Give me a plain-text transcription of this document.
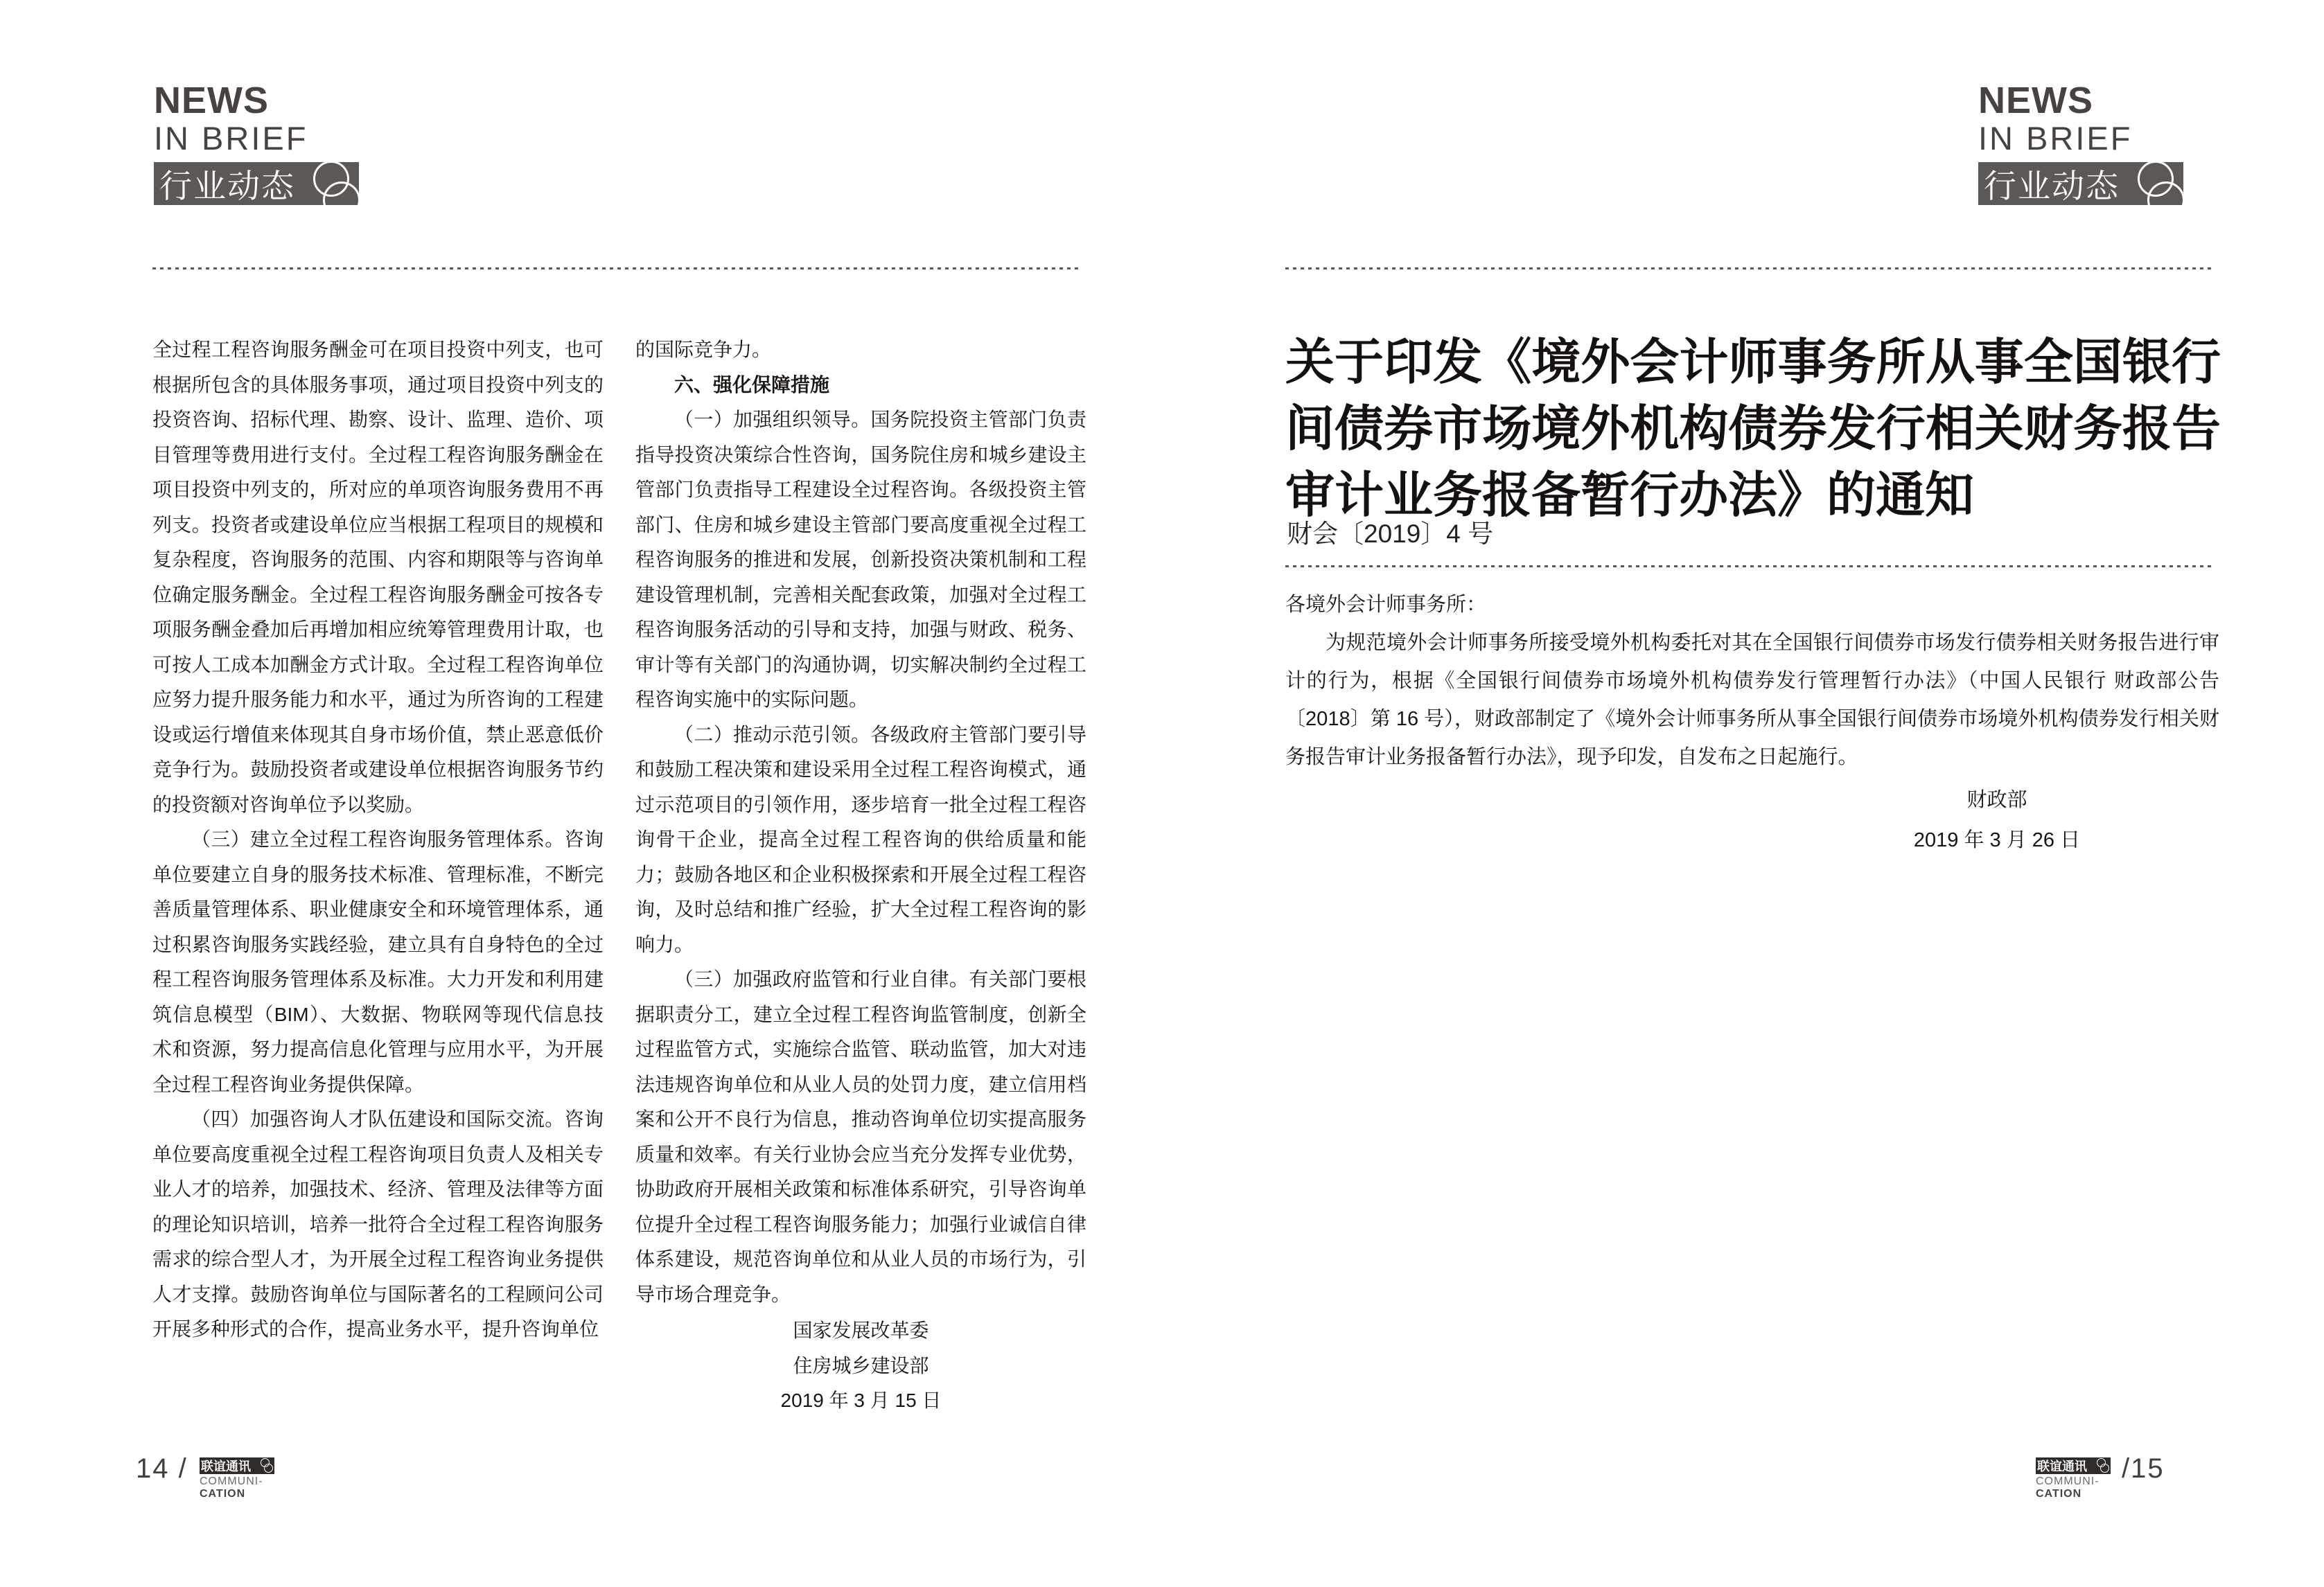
NEWS
IN BRIEF
行业动态

全过程工程咨询服务酬金可在项目投资中列支，也可根据所包含的具体服务事项，通过项目投资中列支的投资咨询、招标代理、勘察、设计、监理、造价、项目管理等费用进行支付。全过程工程咨询服务酬金在项目投资中列支的，所对应的单项咨询服务费用不再列支。投资者或建设单位应当根据工程项目的规模和复杂程度，咨询服务的范围、内容和期限等与咨询单位确定服务酬金。全过程工程咨询服务酬金可按各专项服务酬金叠加后再增加相应统筹管理费用计取，也可按人工成本加酬金方式计取。全过程工程咨询单位应努力提升服务能力和水平，通过为所咨询的工程建设或运行增值来体现其自身市场价值，禁止恶意低价竞争行为。鼓励投资者或建设单位根据咨询服务节约的投资额对咨询单位予以奖励。

（三）建立全过程工程咨询服务管理体系。咨询单位要建立自身的服务技术标准、管理标准，不断完善质量管理体系、职业健康安全和环境管理体系，通过积累咨询服务实践经验，建立具有自身特色的全过程工程咨询服务管理体系及标准。大力开发和利用建筑信息模型（BIM）、大数据、物联网等现代信息技术和资源，努力提高信息化管理与应用水平，为开展全过程工程咨询业务提供保障。

（四）加强咨询人才队伍建设和国际交流。咨询单位要高度重视全过程工程咨询项目负责人及相关专业人才的培养，加强技术、经济、管理及法律等方面的理论知识培训，培养一批符合全过程工程咨询服务需求的综合型人才，为开展全过程工程咨询业务提供人才支撑。鼓励咨询单位与国际著名的工程顾问公司开展多种形式的合作，提高业务水平，提升咨询单位

的国际竞争力。

六、强化保障措施

（一）加强组织领导。国务院投资主管部门负责指导投资决策综合性咨询，国务院住房和城乡建设主管部门负责指导工程建设全过程咨询。各级投资主管部门、住房和城乡建设主管部门要高度重视全过程工程咨询服务的推进和发展，创新投资决策机制和工程建设管理机制，完善相关配套政策，加强对全过程工程咨询服务活动的引导和支持，加强与财政、税务、审计等有关部门的沟通协调，切实解决制约全过程工程咨询实施中的实际问题。

（二）推动示范引领。各级政府主管部门要引导和鼓励工程决策和建设采用全过程工程咨询模式，通过示范项目的引领作用，逐步培育一批全过程工程咨询骨干企业，提高全过程工程咨询的供给质量和能力；鼓励各地区和企业积极探索和开展全过程工程咨询，及时总结和推广经验，扩大全过程工程咨询的影响力。

（三）加强政府监管和行业自律。有关部门要根据职责分工，建立全过程工程咨询监管制度，创新全过程监管方式，实施综合监管、联动监管，加大对违法违规咨询单位和从业人员的处罚力度，建立信用档案和公开不良行为信息，推动咨询单位切实提高服务质量和效率。有关行业协会应当充分发挥专业优势，协助政府开展相关政策和标准体系研究，引导咨询单位提升全过程工程咨询服务能力；加强行业诚信自律体系建设，规范咨询单位和从业人员的市场行为，引导市场合理竞争。

国家发展改革委
住房城乡建设部
2019 年 3 月 15 日
NEWS
IN BRIEF
行业动态
关于印发《境外会计师事务所从事全国银行间债券市场境外机构债券发行相关财务报告审计业务报备暂行办法》的通知
财会〔2019〕4 号

各境外会计师事务所：

为规范境外会计师事务所接受境外机构委托对其在全国银行间债券市场发行债券相关财务报告进行审计的行为，根据《全国银行间债券市场境外机构债券发行管理暂行办法》（中国人民银行 财政部公告〔2018〕第 16 号），财政部制定了《境外会计师事务所从事全国银行间债券市场境外机构债券发行相关财务报告审计业务报备暂行办法》，现予印发，自发布之日起施行。

财政部
2019 年 3 月 26 日
14 / 联谊通讯
COMMUNI-
CATION
联谊通讯
COMMUNI-
CATION
/15
